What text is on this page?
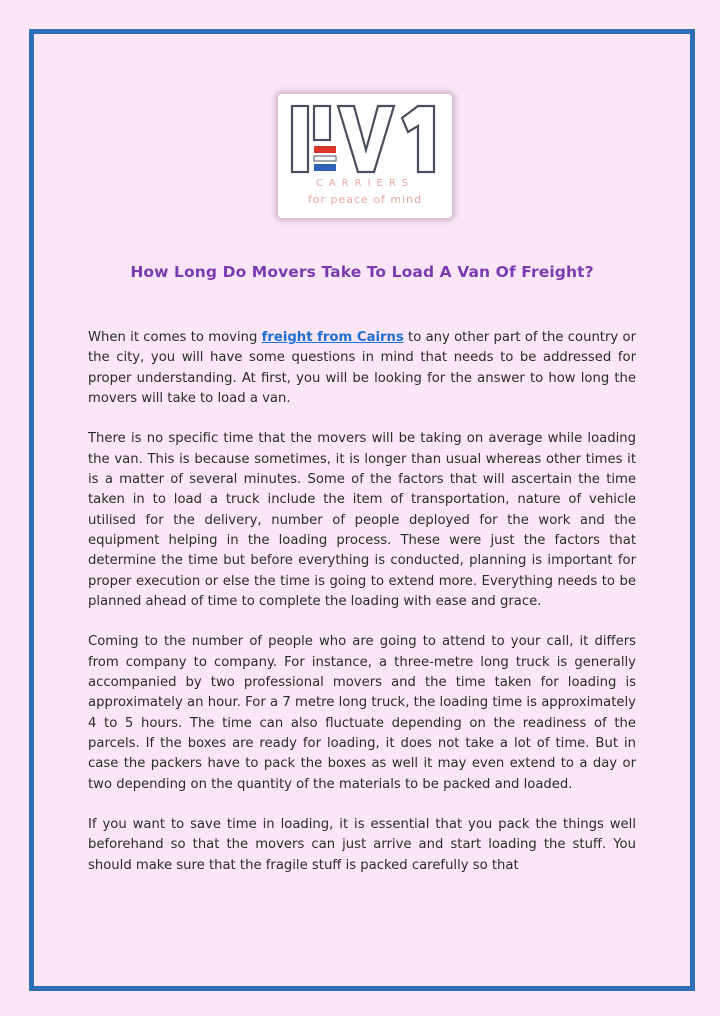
CARRIERS
for peace of mind
How Long Do Movers Take To Load A Van Of Freight?

When it comes to moving freight from Cairns to any other part of the country or the city, you will have some questions in mind that needs to be addressed for proper understanding. At first, you will be looking for the answer to how long the movers will take to load a van.

There is no specific time that the movers will be taking on average while loading the van. This is because sometimes, it is longer than usual whereas other times it is a matter of several minutes. Some of the factors that will ascertain the time taken in to load a truck include the item of transportation, nature of vehicle utilised for the delivery, number of people deployed for the work and the equipment helping in the loading process. These were just the factors that determine the time but before everything is conducted, planning is important for proper execution or else the time is going to extend more. Everything needs to be planned ahead of time to complete the loading with ease and grace.

Coming to the number of people who are going to attend to your call, it differs from company to company. For instance, a three-metre long truck is generally accompanied by two professional movers and the time taken for loading is approximately an hour. For a 7 metre long truck, the loading time is approximately 4 to 5 hours. The time can also fluctuate depending on the readiness of the parcels. If the boxes are ready for loading, it does not take a lot of time. But in case the packers have to pack the boxes as well it may even extend to a day or two depending on the quantity of the materials to be packed and loaded.

If you want to save time in loading, it is essential that you pack the things well beforehand so that the movers can just arrive and start loading the stuff. You should make sure that the fragile stuff is packed carefully so that
